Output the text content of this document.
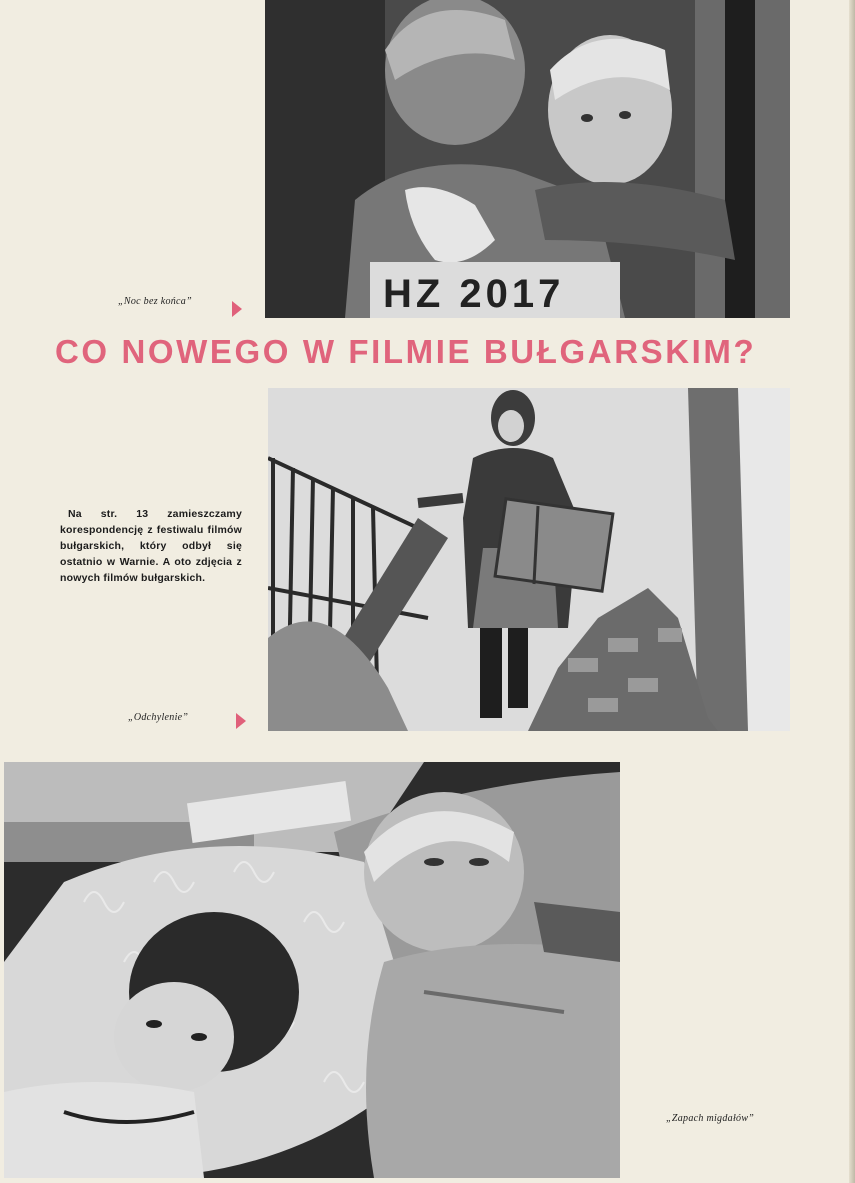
HZ 2017
„Noc bez końca”
CO NOWEGO W FILMIE BUŁGARSKIM?
Na str. 13 zamieszczamy korespondencję z festiwalu filmów bułgarskich, który odbył się ostatnio w Warnie. A oto zdjęcia z nowych filmów bułgarskich.
„Odchylenie”
„Zapach migdałów”
